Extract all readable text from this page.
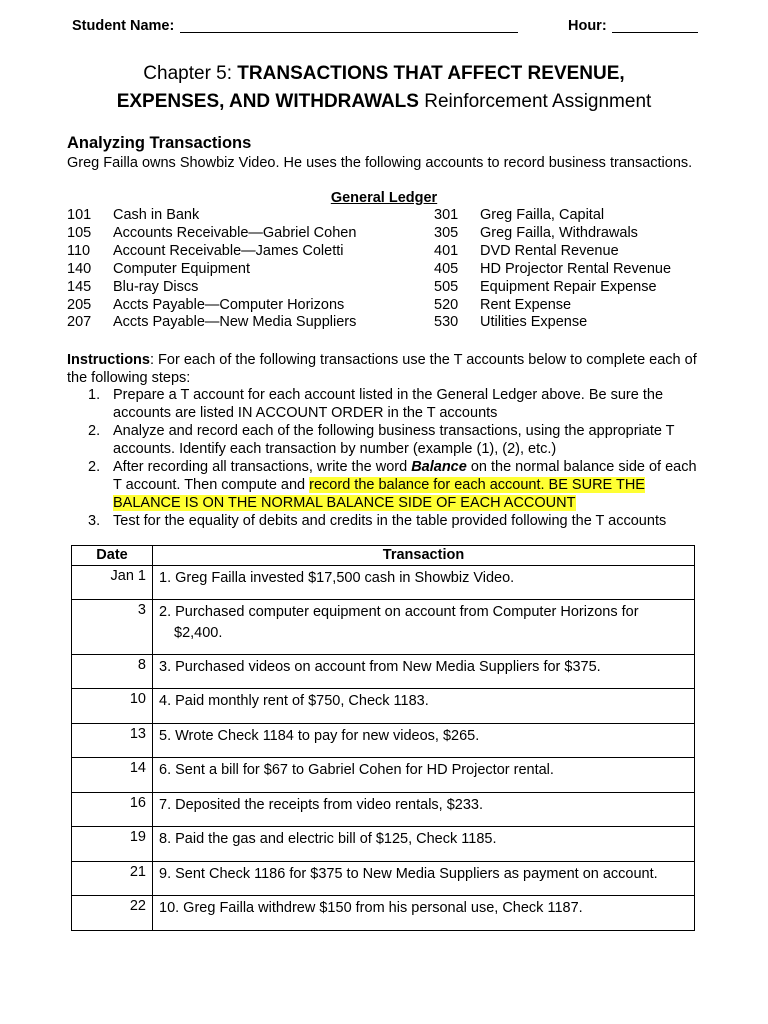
Student Name:	Hour:
Chapter 5: TRANSACTIONS THAT AFFECT REVENUE,
EXPENSES, AND WITHDRAWALS Reinforcement Assignment
Analyzing Transactions
Greg Failla owns Showbiz Video. He uses the following accounts to record business transactions.
General Ledger
101 Cash in Bank
105 Accounts Receivable—Gabriel Cohen
110 Account Receivable—James Coletti
140 Computer Equipment
145 Blu-ray Discs
205 Accts Payable—Computer Horizons
207 Accts Payable—New Media Suppliers
301 Greg Failla, Capital
305 Greg Failla, Withdrawals
401 DVD Rental Revenue
405 HD Projector Rental Revenue
505 Equipment Repair Expense
520 Rent Expense
530 Utilities Expense
Instructions: For each of the following transactions use the T accounts below to complete each of the following steps:
1. Prepare a T account for each account listed in the General Ledger above. Be sure the accounts are listed IN ACCOUNT ORDER in the T accounts
2. Analyze and record each of the following business transactions, using the appropriate T accounts. Identify each transaction by number (example (1), (2), etc.)
2. After recording all transactions, write the word Balance on the normal balance side of each T account. Then compute and record the balance for each account. BE SURE THE BALANCE IS ON THE NORMAL BALANCE SIDE OF EACH ACCOUNT
3. Test for the equality of debits and credits in the table provided following the T accounts
Date	Transaction
Jan 1	1. Greg Failla invested $17,500 cash in Showbiz Video.

3	2. Purchased computer equipment on account from Computer Horizons for
$2,400.

8	3. Purchased videos on account from New Media Suppliers for $375.

10	4. Paid monthly rent of $750, Check 1183.

13	5. Wrote Check 1184 to pay for new videos, $265.

14	6. Sent a bill for $67 to Gabriel Cohen for HD Projector rental.

16	7. Deposited the receipts from video rentals, $233.

19	8. Paid the gas and electric bill of $125, Check 1185.

21	9. Sent Check 1186 for $375 to New Media Suppliers as payment on account.

22	10. Greg Failla withdrew $150 from his personal use, Check 1187.
